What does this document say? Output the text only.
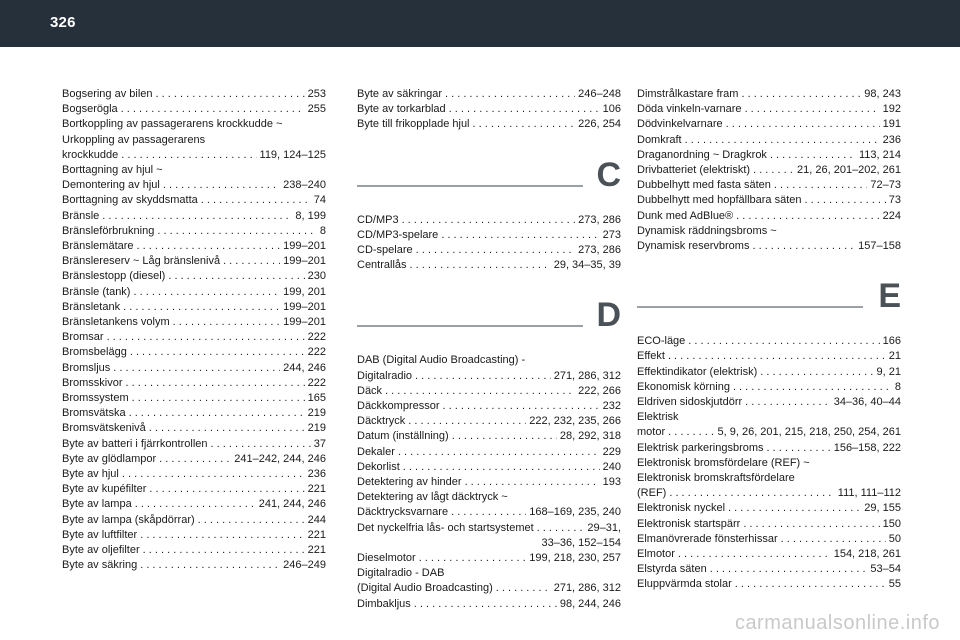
326
Bogsering av bilen . . .	253
Bogserögla . . .	255
Bortkoppling av passagerarens krockkudde ~
Urkoppling av passagerarens
krockkudde . . .	119, 124–125
Borttagning av hjul ~
Demontering av hjul . . .	238–240
Borttagning av skyddsmatta . . .	74
Bränsle . . .	8, 199
Bränsleförbrukning . . .	8
Bränslemätare . . .	199–201
Bränslereserv ~ Låg bränslenivå . . .	199–201
Bränslestopp (diesel) . . .	230
Bränsle (tank) . . .	199, 201
Bränsletank . . .	199–201
Bränsletankens volym . . .	199–201
Bromsar . . .	222
Bromsbelägg . . .	222
Bromsljus . . .	244, 246
Bromsskivor . . .	222
Bromssystem . . .	165
Bromsvätska . . .	219
Bromsvätskenivå . . .	219
Byte av batteri i fjärrkontrollen . . .	37
Byte av glödlampor . . .	241–242, 244, 246
Byte av hjul . . .	236
Byte av kupéfilter . . .	221
Byte av lampa . . .	241, 244, 246
Byte av lampa (skåpdörrar) . . .	244
Byte av luftfilter . . .	221
Byte av oljefilter . . .	221
Byte av säkring . . .	246–249
Byte av säkringar . . .	246–248
Byte av torkarblad . . .	106
Byte till frikopplade hjul . . .	226, 254
C
CD/MP3 . . .	273, 286
CD/MP3-spelare . . .	273
CD-spelare . . .	273, 286
Centrallås . . .	29, 34–35, 39
D
DAB (Digital Audio Broadcasting) -
Digitalradio . . .	271, 286, 312
Däck . . .	222, 266
Däckkompressor . . .	232
Däcktryck . . .	222, 232, 235, 266
Datum (inställning) . . .	28, 292, 318
Dekaler . . .	229
Dekorlist . . .	240
Detektering av hinder . . .	193
Detektering av lågt däcktryck ~
Däcktrycksvarnare . . .	168–169, 235, 240
Det nyckelfria lås- och startsystemet . . .	29–31,
33–36, 152–154
Dieselmotor . . .	199, 218, 230, 257
Digitalradio - DAB
(Digital Audio Broadcasting) . . .	271, 286, 312
Dimbakljus . . .	98, 244, 246
Dimstrålkastare fram . . .	98, 243
Döda vinkeln-varnare . . .	192
Dödvinkelvarnare . . .	191
Domkraft . . .	236
Draganordning ~ Dragkrok . . .	113, 214
Drivbatteriet (elektriskt) . . .	21, 26, 201–202, 261
Dubbelhytt med fasta säten . . .	72–73
Dubbelhytt med hopfällbara säten . . .	73
Dunk med AdBlue® . . .	224
Dynamisk räddningsbroms ~
Dynamisk reservbroms . . .	157–158
E
ECO-läge . . .	166
Effekt . . .	21
Effektindikator (elektrisk) . . .	9, 21
Ekonomisk körning . . .	8
Eldriven sidoskjutdörr . . .	34–36, 40–44
Elektrisk
motor . . .	5, 9, 26, 201, 215, 218, 250, 254, 261
Elektrisk parkeringsbroms . . .	156–158, 222
Elektronisk bromsfördelare (REF) ~
Elektronisk bromskraftsfördelare
(REF) . . .	111, 111–112
Elektronisk nyckel . . .	29, 155
Elektronisk startspärr . . .	150
Elmanövrerade fönsterhissar . . .	50
Elmotor . . .	154, 218, 261
Elstyrda säten . . .	53–54
Eluppvärmda stolar . . .	55
carmanualsonline.info
